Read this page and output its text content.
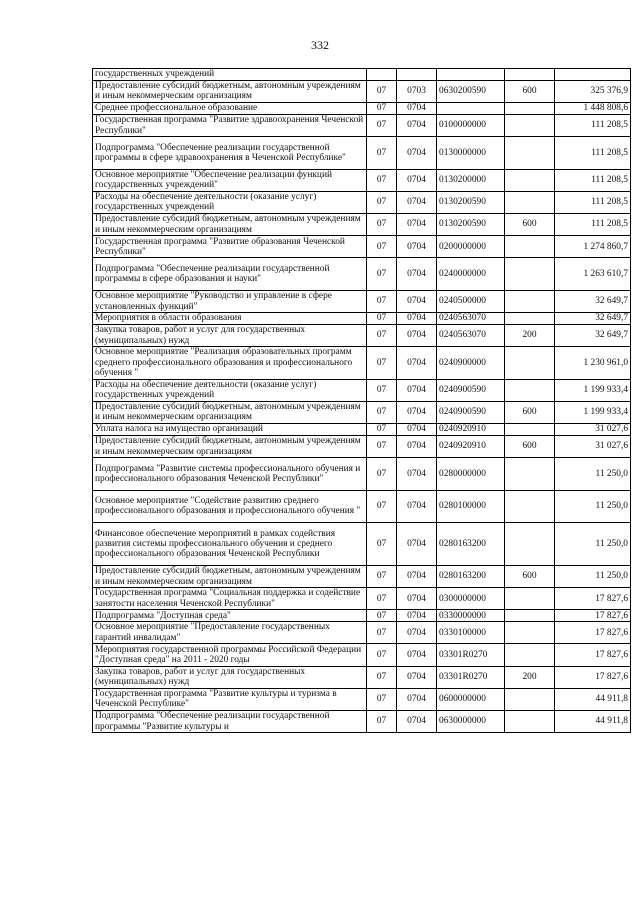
332
государственных учреждений					
Предоставление субсидий бюджетным, автономным учреждениям и иным некоммерческим организациям	07	0703	0630200590	600	325 376,9
Среднее профессиональное образование	07	0704			1 448 808,6
Государственная программа "Развитие здравоохранения Чеченской Республики"	07	0704	0100000000		111 208,5
Подпрограмма "Обеспечение реализации государственной программы в сфере здравоохранения в Чеченской Республике"	07	0704	0130000000		111 208,5
Основное мероприятие "Обеспечение реализации функций государственных учреждений"	07	0704	0130200000		111 208,5
Расходы на обеспечение деятельности (оказание услуг) государственных учреждений	07	0704	0130200590		111 208,5
Предоставление субсидий бюджетным, автономным учреждениям и иным некоммерческим организациям	07	0704	0130200590	600	111 208,5
Государственная программа "Развитие образования Чеченской Республики"	07	0704	0200000000		1 274 860,7
Подпрограмма "Обеспечение реализации государственной программы в сфере образования и науки"	07	0704	0240000000		1 263 610,7
Основное мероприятие "Руководство и управление в сфере установленных функций"	07	0704	0240500000		32 649,7
Мероприятия в области образования	07	0704	0240563070		32 649,7
Закупка товаров, работ и услуг для государственных (муниципальных) нужд	07	0704	0240563070	200	32 649,7
Основное мероприятие "Реализация образовательных программ среднего профессионального образования и профессионального обучения "	07	0704	0240900000		1 230 961,0
Расходы на обеспечение деятельности (оказание услуг) государственных учреждений	07	0704	0240900590		1 199 933,4
Предоставление субсидий бюджетным, автономным учреждениям и иным некоммерческим организациям	07	0704	0240900590	600	1 199 933,4
Уплата налога на имущество организаций	07	0704	0240920910		31 027,6
Предоставление субсидий бюджетным, автономным учреждениям и иным некоммерческим организациям	07	0704	0240920910	600	31 027,6
Подпрограмма "Развитие системы профессионального обучения и профессионального образования Чеченской Республики"	07	0704	0280000000		11 250,0
Основное мероприятие "Содействие развитию среднего профессионального образования и профессионального обучения "	07	0704	0280100000		11 250,0
Финансовое обеспечение мероприятий в рамках содействия развития системы профессионального обучения и среднего профессионального образования Чеченской Республики	07	0704	0280163200		11 250,0
Предоставление субсидий бюджетным, автономным учреждениям и иным некоммерческим организациям	07	0704	0280163200	600	11 250,0
Государственная программа "Социальная поддержка и содействие занятости населения Чеченской Республики"	07	0704	0300000000		17 827,6
Подпрограмма "Доступная среда"	07	0704	0330000000		17 827,6
Основное мероприятие "Предоставление государственных гарантий инвалидам"	07	0704	0330100000		17 827,6
Мероприятия государственной программы Российской Федерации "Доступная среда" на 2011 - 2020 годы	07	0704	03301R0270		17 827,6
Закупка товаров, работ и услуг для государственных (муниципальных) нужд	07	0704	03301R0270	200	17 827,6
Государственная программа "Развитие культуры и туризма в Чеченской Республике"	07	0704	0600000000		44 911,8
Подпрограмма "Обеспечение реализации государственной программы "Развитие культуры и	07	0704	0630000000		44 911,8
